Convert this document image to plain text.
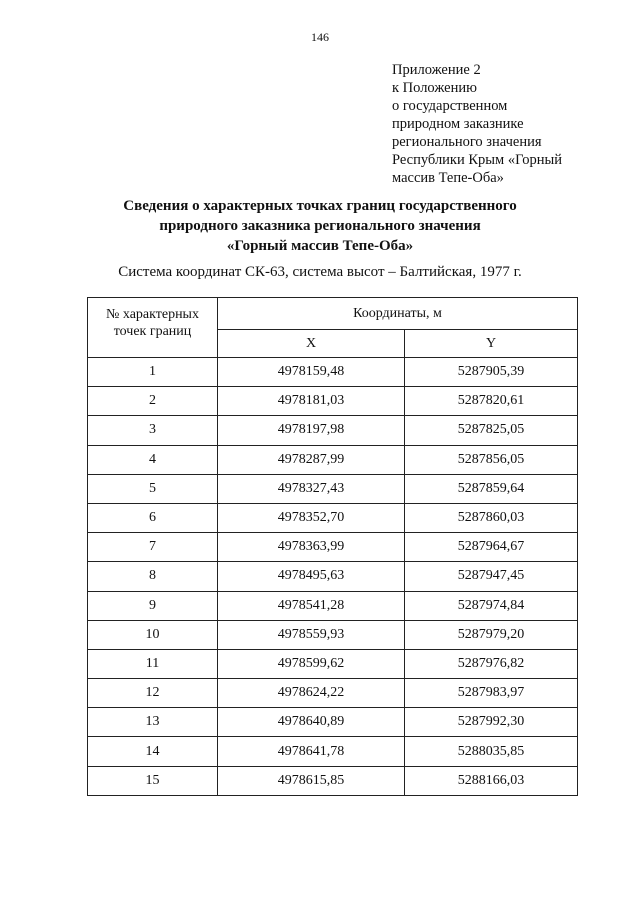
146
Приложение 2
к Положению
о государственном
природном заказнике
регионального значения
Республики Крым «Горный
массив Тепе-Оба»
Сведения о характерных точках границ государственного
природного заказника регионального значения
«Горный массив Тепе-Оба»
Система координат СК-63, система высот – Балтийская, 1977 г.
№ характерных
точек границ	Координаты, м	
	X	Y
1	4978159,48	5287905,39
2	4978181,03	5287820,61
3	4978197,98	5287825,05
4	4978287,99	5287856,05
5	4978327,43	5287859,64
6	4978352,70	5287860,03
7	4978363,99	5287964,67
8	4978495,63	5287947,45
9	4978541,28	5287974,84
10	4978559,93	5287979,20
11	4978599,62	5287976,82
12	4978624,22	5287983,97
13	4978640,89	5287992,30
14	4978641,78	5288035,85
15	4978615,85	5288166,03
